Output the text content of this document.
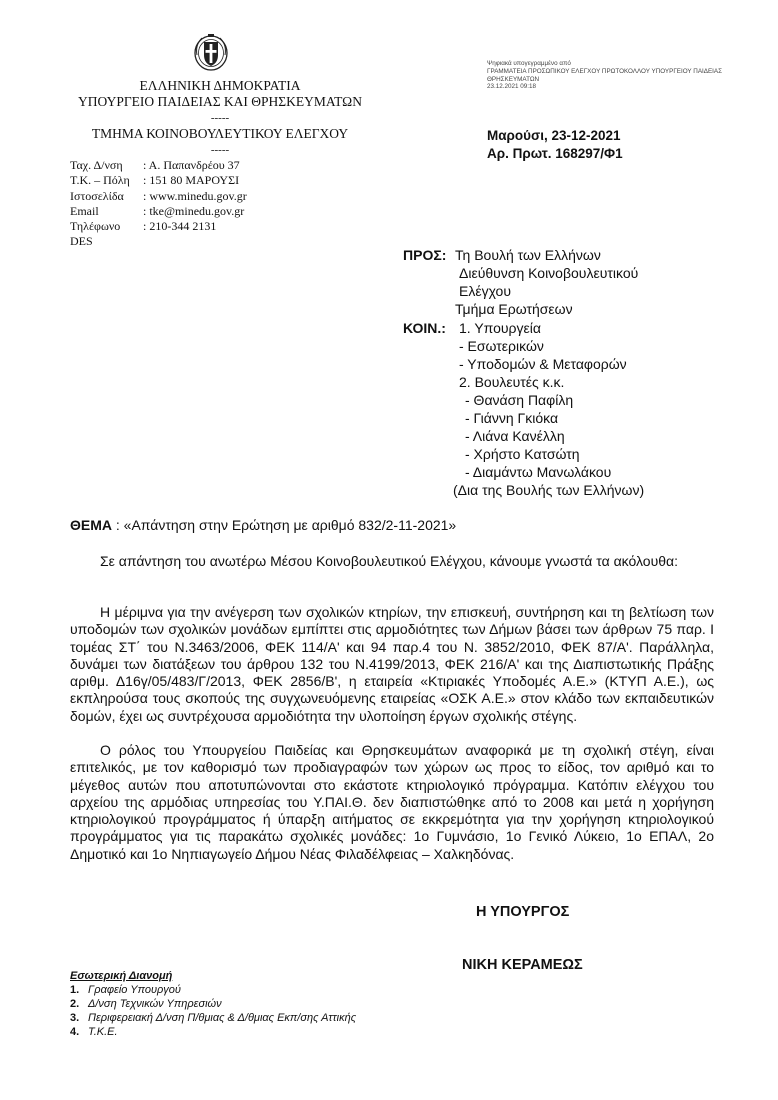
ΕΛΛΗΝΙΚΗ ΔΗΜΟΚΡΑΤΙΑ
ΥΠΟΥΡΓΕΙΟ ΠΑΙΔΕΙΑΣ ΚΑΙ ΘΡΗΣΚΕΥΜΑΤΩΝ
-----
ΤΜΗΜΑ ΚΟΙΝΟΒΟΥΛΕΥΤΙΚΟΥ ΕΛΕΓΧΟΥ
-----
Ταχ. Δ/νση	: Α. Παπανδρέου 37
Τ.Κ. – Πόλη	: 151 80 ΜΑΡΟΥΣΙ
Ιστοσελίδα	: www.minedu.gov.gr
Email	: tke@minedu.gov.gr
Τηλέφωνο	: 210-344 2131
DES
Ψηφιακά υπογεγραμμένο από
ΓΡΑΜΜΑΤΕΙΑ ΠΡΟΣΩΠΙΚΟΥ ΕΛΕΓΧΟΥ ΠΡΩΤΟΚΟΛΛΟΥ ΥΠΟΥΡΓΕΙΟΥ ΠΑΙΔΕΙΑΣ
ΘΡΗΣΚΕΥΜΑΤΩΝ
23.12.2021 09:18
Μαρούσι, 23-12-2021
Αρ. Πρωτ. 168297/Φ1
ΠΡΟΣ: Τη Βουλή των Ελλήνων
Διεύθυνση Κοινοβουλευτικού
Ελέγχου
Τμήμα Ερωτήσεων
ΚΟΙΝ.: 1. Υπουργεία
- Εσωτερικών
- Υποδομών & Μεταφορών
2. Βουλευτές κ.κ.
- Θανάση Παφίλη
- Γιάννη Γκιόκα
- Λιάνα Κανέλλη
- Χρήστο Κατσώτη
- Διαμάντω Μανωλάκου
(Δια της Βουλής των Ελλήνων)
ΘΕΜΑ : «Απάντηση στην Ερώτηση με αριθμό 832/2-11-2021»
Σε απάντηση του ανωτέρω Μέσου Κοινοβουλευτικού Ελέγχου, κάνουμε γνωστά τα ακόλουθα:
Η μέριμνα για την ανέγερση των σχολικών κτηρίων, την επισκευή, συντήρηση και τη βελτίωση των υποδομών των σχολικών μονάδων εμπίπτει στις αρμοδιότητες των Δήμων βάσει των άρθρων 75 παρ. Ι τομέας ΣΤ΄ του Ν.3463/2006, ΦΕΚ 114/Α' και 94 παρ.4 του Ν. 3852/2010, ΦΕΚ 87/Α'. Παράλληλα, δυνάμει των διατάξεων του άρθρου 132 του Ν.4199/2013, ΦΕΚ 216/Α' και της Διαπιστωτικής Πράξης αριθμ. Δ16γ/05/483/Γ/2013, ΦΕΚ 2856/Β', η εταιρεία «Κτιριακές Υποδομές Α.Ε.» (ΚΤΥΠ Α.Ε.), ως εκπληρούσα τους σκοπούς της συγχωνευόμενης εταιρείας «ΟΣΚ Α.Ε.» στον κλάδο των εκπαιδευτικών δομών, έχει ως συντρέχουσα αρμοδιότητα την υλοποίηση έργων σχολικής στέγης.
Ο ρόλος του Υπουργείου Παιδείας και Θρησκευμάτων αναφορικά με τη σχολική στέγη, είναι επιτελικός, με τον καθορισμό των προδιαγραφών των χώρων ως προς το είδος, τον αριθμό και το μέγεθος αυτών που αποτυπώνονται στο εκάστοτε κτηριολογικό πρόγραμμα. Κατόπιν ελέγχου του αρχείου της αρμόδιας υπηρεσίας του Υ.ΠΑΙ.Θ. δεν διαπιστώθηκε από το 2008 και μετά η χορήγηση κτηριολογικού προγράμματος ή ύπαρξη αιτήματος σε εκκρεμότητα για την χορήγηση κτηριολογικού προγράμματος για τις παρακάτω σχολικές μονάδες: 1ο Γυμνάσιο, 1ο Γενικό Λύκειο, 1ο ΕΠΑΛ, 2ο Δημοτικό και 1ο Νηπιαγωγείο Δήμου Νέας Φιλαδέλφειας – Χαλκηδόνας.
Η ΥΠΟΥΡΓΟΣ
ΝΙΚΗ ΚΕΡΑΜΕΩΣ
Εσωτερική Διανομή
1. Γραφείο Υπουργού
2. Δ/νση Τεχνικών Υπηρεσιών
3. Περιφερειακή Δ/νση Π/θμιας & Δ/θμιας Εκπ/σης Αττικής
4. Τ.Κ.Ε.
